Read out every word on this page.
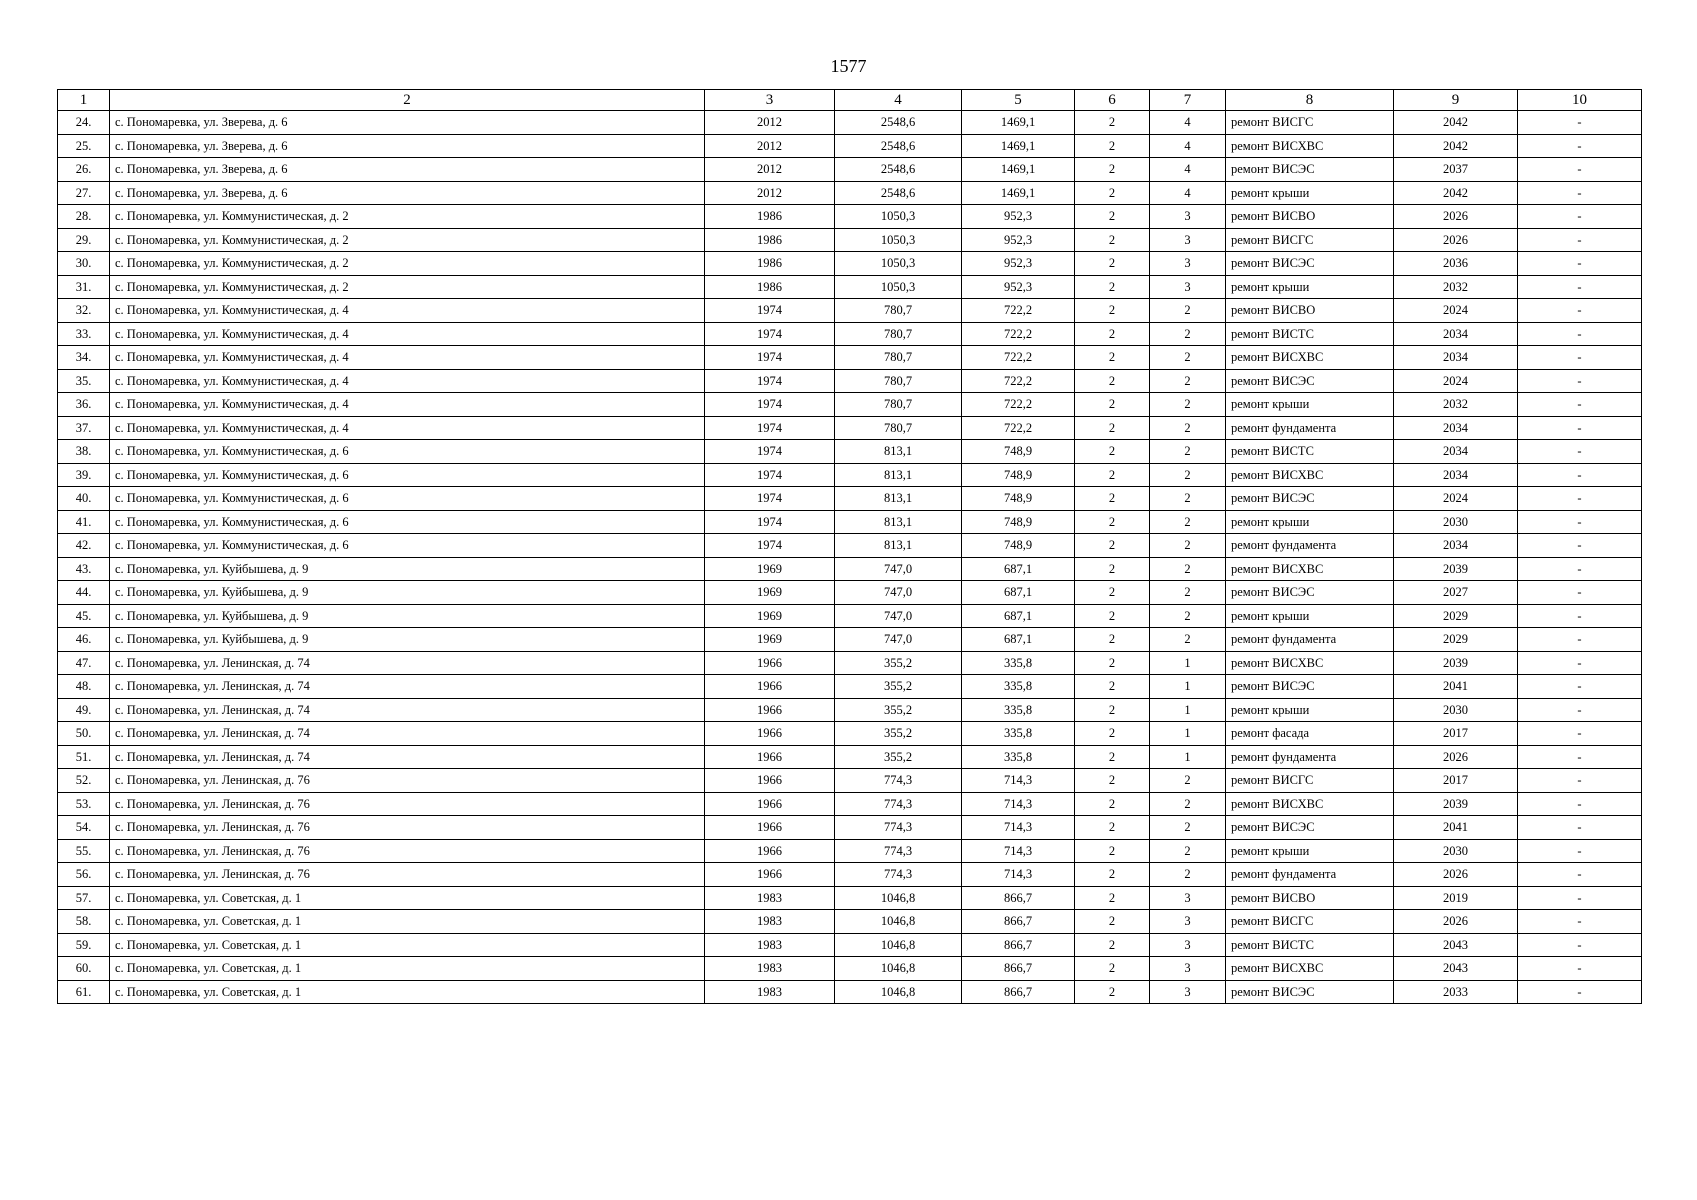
1577
1	2	3	4	5	6	7	8	9	10
24.	с. Пономаревка, ул. Зверева, д. 6	2012	2548,6	1469,1	2	4	ремонт ВИСГС	2042	-
25.	с. Пономаревка, ул. Зверева, д. 6	2012	2548,6	1469,1	2	4	ремонт ВИСХВС	2042	-
26.	с. Пономаревка, ул. Зверева, д. 6	2012	2548,6	1469,1	2	4	ремонт ВИСЭС	2037	-
27.	с. Пономаревка, ул. Зверева, д. 6	2012	2548,6	1469,1	2	4	ремонт крыши	2042	-
28.	с. Пономаревка, ул. Коммунистическая, д. 2	1986	1050,3	952,3	2	3	ремонт ВИСВО	2026	-
29.	с. Пономаревка, ул. Коммунистическая, д. 2	1986	1050,3	952,3	2	3	ремонт ВИСГС	2026	-
30.	с. Пономаревка, ул. Коммунистическая, д. 2	1986	1050,3	952,3	2	3	ремонт ВИСЭС	2036	-
31.	с. Пономаревка, ул. Коммунистическая, д. 2	1986	1050,3	952,3	2	3	ремонт крыши	2032	-
32.	с. Пономаревка, ул. Коммунистическая, д. 4	1974	780,7	722,2	2	2	ремонт ВИСВО	2024	-
33.	с. Пономаревка, ул. Коммунистическая, д. 4	1974	780,7	722,2	2	2	ремонт ВИСТС	2034	-
34.	с. Пономаревка, ул. Коммунистическая, д. 4	1974	780,7	722,2	2	2	ремонт ВИСХВС	2034	-
35.	с. Пономаревка, ул. Коммунистическая, д. 4	1974	780,7	722,2	2	2	ремонт ВИСЭС	2024	-
36.	с. Пономаревка, ул. Коммунистическая, д. 4	1974	780,7	722,2	2	2	ремонт крыши	2032	-
37.	с. Пономаревка, ул. Коммунистическая, д. 4	1974	780,7	722,2	2	2	ремонт фундамента	2034	-
38.	с. Пономаревка, ул. Коммунистическая, д. 6	1974	813,1	748,9	2	2	ремонт ВИСТС	2034	-
39.	с. Пономаревка, ул. Коммунистическая, д. 6	1974	813,1	748,9	2	2	ремонт ВИСХВС	2034	-
40.	с. Пономаревка, ул. Коммунистическая, д. 6	1974	813,1	748,9	2	2	ремонт ВИСЭС	2024	-
41.	с. Пономаревка, ул. Коммунистическая, д. 6	1974	813,1	748,9	2	2	ремонт крыши	2030	-
42.	с. Пономаревка, ул. Коммунистическая, д. 6	1974	813,1	748,9	2	2	ремонт фундамента	2034	-
43.	с. Пономаревка, ул. Куйбышева, д. 9	1969	747,0	687,1	2	2	ремонт ВИСХВС	2039	-
44.	с. Пономаревка, ул. Куйбышева, д. 9	1969	747,0	687,1	2	2	ремонт ВИСЭС	2027	-
45.	с. Пономаревка, ул. Куйбышева, д. 9	1969	747,0	687,1	2	2	ремонт крыши	2029	-
46.	с. Пономаревка, ул. Куйбышева, д. 9	1969	747,0	687,1	2	2	ремонт фундамента	2029	-
47.	с. Пономаревка, ул. Ленинская, д. 74	1966	355,2	335,8	2	1	ремонт ВИСХВС	2039	-
48.	с. Пономаревка, ул. Ленинская, д. 74	1966	355,2	335,8	2	1	ремонт ВИСЭС	2041	-
49.	с. Пономаревка, ул. Ленинская, д. 74	1966	355,2	335,8	2	1	ремонт крыши	2030	-
50.	с. Пономаревка, ул. Ленинская, д. 74	1966	355,2	335,8	2	1	ремонт фасада	2017	-
51.	с. Пономаревка, ул. Ленинская, д. 74	1966	355,2	335,8	2	1	ремонт фундамента	2026	-
52.	с. Пономаревка, ул. Ленинская, д. 76	1966	774,3	714,3	2	2	ремонт ВИСГС	2017	-
53.	с. Пономаревка, ул. Ленинская, д. 76	1966	774,3	714,3	2	2	ремонт ВИСХВС	2039	-
54.	с. Пономаревка, ул. Ленинская, д. 76	1966	774,3	714,3	2	2	ремонт ВИСЭС	2041	-
55.	с. Пономаревка, ул. Ленинская, д. 76	1966	774,3	714,3	2	2	ремонт крыши	2030	-
56.	с. Пономаревка, ул. Ленинская, д. 76	1966	774,3	714,3	2	2	ремонт фундамента	2026	-
57.	с. Пономаревка, ул. Советская, д. 1	1983	1046,8	866,7	2	3	ремонт ВИСВО	2019	-
58.	с. Пономаревка, ул. Советская, д. 1	1983	1046,8	866,7	2	3	ремонт ВИСГС	2026	-
59.	с. Пономаревка, ул. Советская, д. 1	1983	1046,8	866,7	2	3	ремонт ВИСТС	2043	-
60.	с. Пономаревка, ул. Советская, д. 1	1983	1046,8	866,7	2	3	ремонт ВИСХВС	2043	-
61.	с. Пономаревка, ул. Советская, д. 1	1983	1046,8	866,7	2	3	ремонт ВИСЭС	2033	-
